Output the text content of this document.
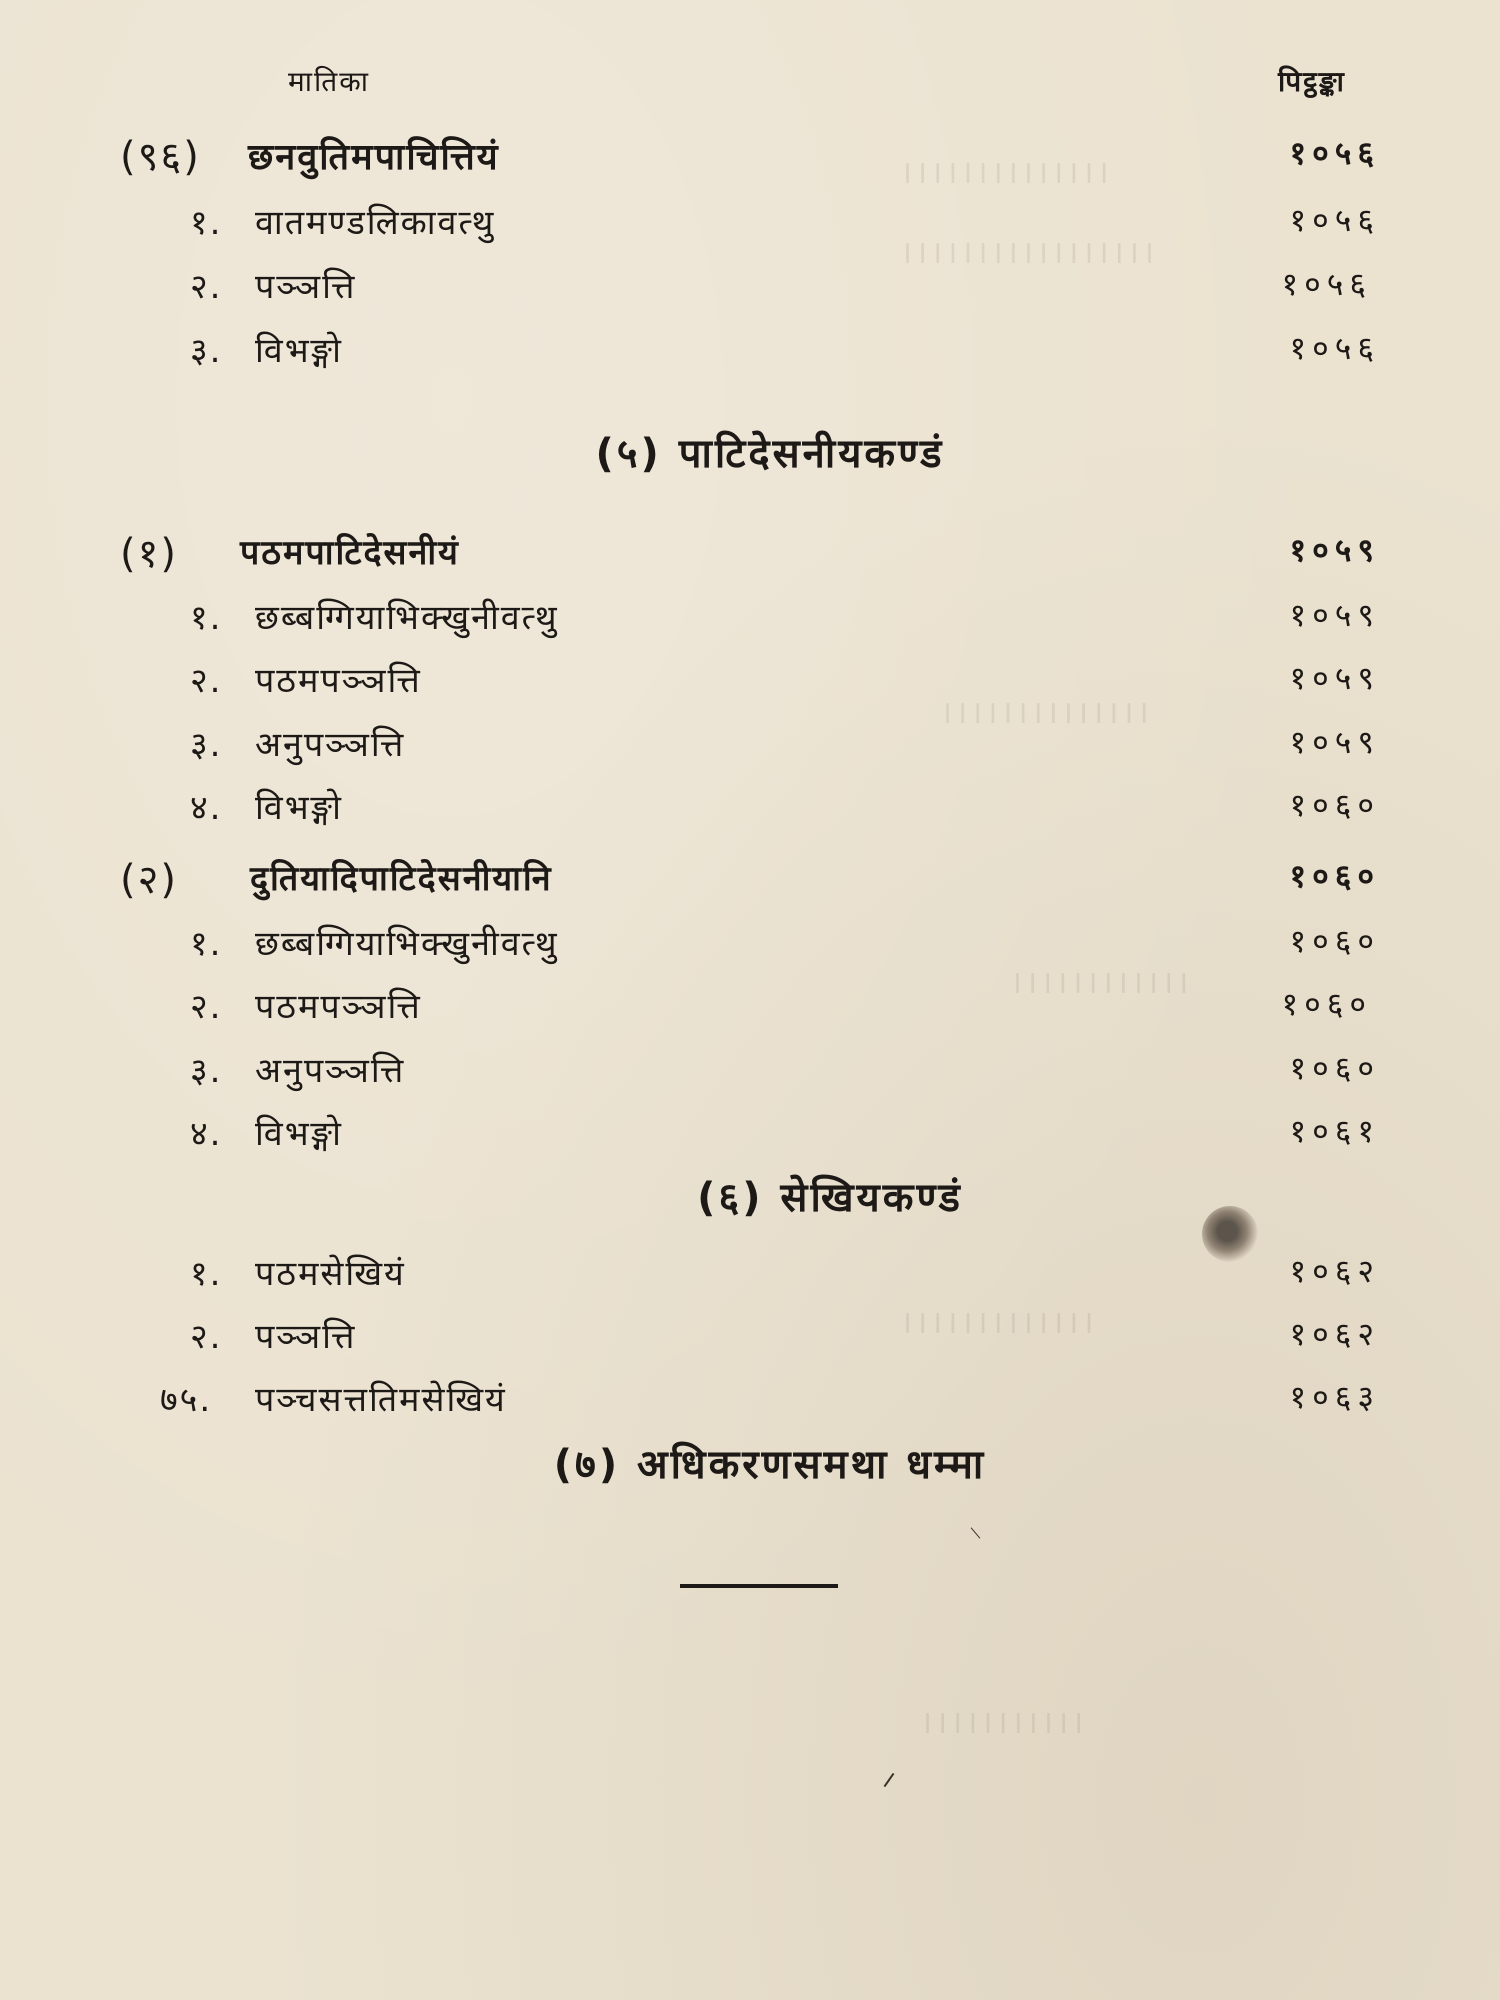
।।।।।।।।।।।।।।
।।।।।।।।।।।।।।।।।
।।।।।।।।।।।।।।
।।।।।।।।।।।।
।।।।।।।।।।।।।
।।।।।।।।।।।
मातिका	पिट्ठङ्का
(९६) छनवुतिमपाचित्तियं	१०५६
१. वातमण्डलिकावत्थु	१०५६
२. पञ्ञत्ति	१०५६
३. विभङ्गो	१०५६
(५) पाटिदेसनीयकण्डं
(१) पठमपाटिदेसनीयं	१०५९
१. छब्बग्गियाभिक्खुनीवत्थु	१०५९
२. पठमपञ्ञत्ति	१०५९
३. अनुपञ्ञत्ति	१०५९
४. विभङ्गो	१०६०
(२) दुतियादिपाटिदेसनीयानि	१०६०
१. छब्बग्गियाभिक्खुनीवत्थु	१०६०
२. पठमपञ्ञत्ति	१०६०
३. अनुपञ्ञत्ति	१०६०
४. विभङ्गो	१०६१
(६) सेखियकण्डं
१. पठमसेखियं	१०६२
२. पञ्ञत्ति	१०६२
७५. पञ्चसत्ततिमसेखियं	१०६३
(७) अधिकरणसमथा धम्मा
